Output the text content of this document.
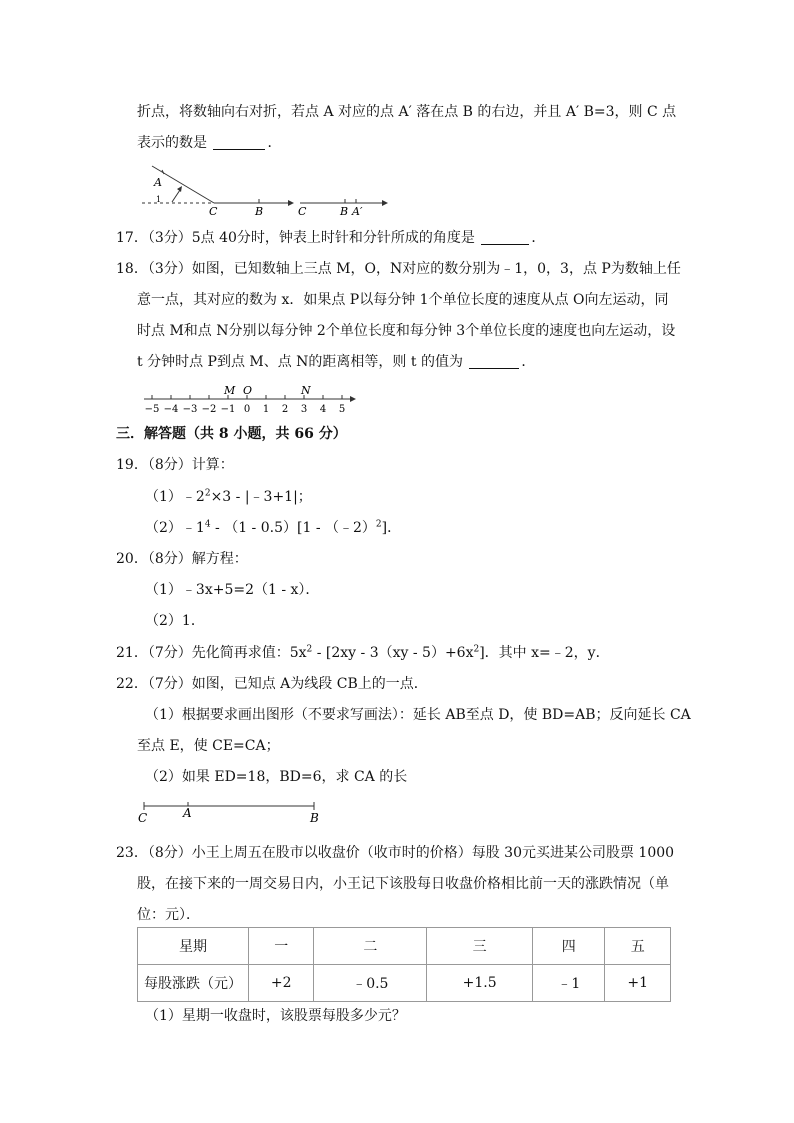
折点，将数轴向右对折，若点 A 对应的点 A′ 落在点 B 的右边，并且 A′ B=3，则 C 点
表示的数是	．
A
1
C	B	C	B A′
17．（3分）5点 40分时，钟表上时针和分针所成的角度是	．
18．（3分）如图，已知数轴上三点 M，O，N对应的数分别为﹣1，0，3，点 P为数轴上任
意一点，其对应的数为 x．如果点 P以每分钟 1个单位长度的速度从点 O向左运动，同
时点 M和点 N分别以每分钟 2个单位长度和每分钟 3个单位长度的速度也向左运动，设
t 分钟时点 P到点 M、点 N的距离相等，则 t 的值为	．
−5 −4 −3 −2 −1 0 1 2 3 4 5
M O	N
三．解答题（共 8 小题，共 66 分）
19．（8分）计算：
$(1)﹣2^2\times 3$ - |﹣3+1|；
$(2)﹣1^4 - (1 - 0.5)[1$ - （﹣2）$^2$]．
20．（8分）解方程：
（1）﹣3x+5=2（1 - x）．
（2）1．
21．（7分）先化简再求值：$5x^2 - [2xy - 3(xy - 5)+6x^2]$．其中 x=﹣2，y．
22．（7分）如图，已知点 A为线段 CB上的一点．
（1）根据要求画出图形（不要求写画法）：延长 AB至点 D，使 BD=AB；反向延长 CA
至点 E，使 CE=CA；
（2）如果 ED=18，BD=6，求 CA 的长
C	A	B
23．（8分）小王上周五在股市以收盘价（收市时的价格）每股 30元买进某公司股票 1000
股，在接下来的一周交易日内，小王记下该股每日收盘价格相比前一天的涨跌情况（单
位：元）．
星期	一	二	三	四	五
每股涨跌（元）	+2	﹣0.5	+1.5	﹣1	+1
（1）星期一收盘时，该股票每股多少元？
